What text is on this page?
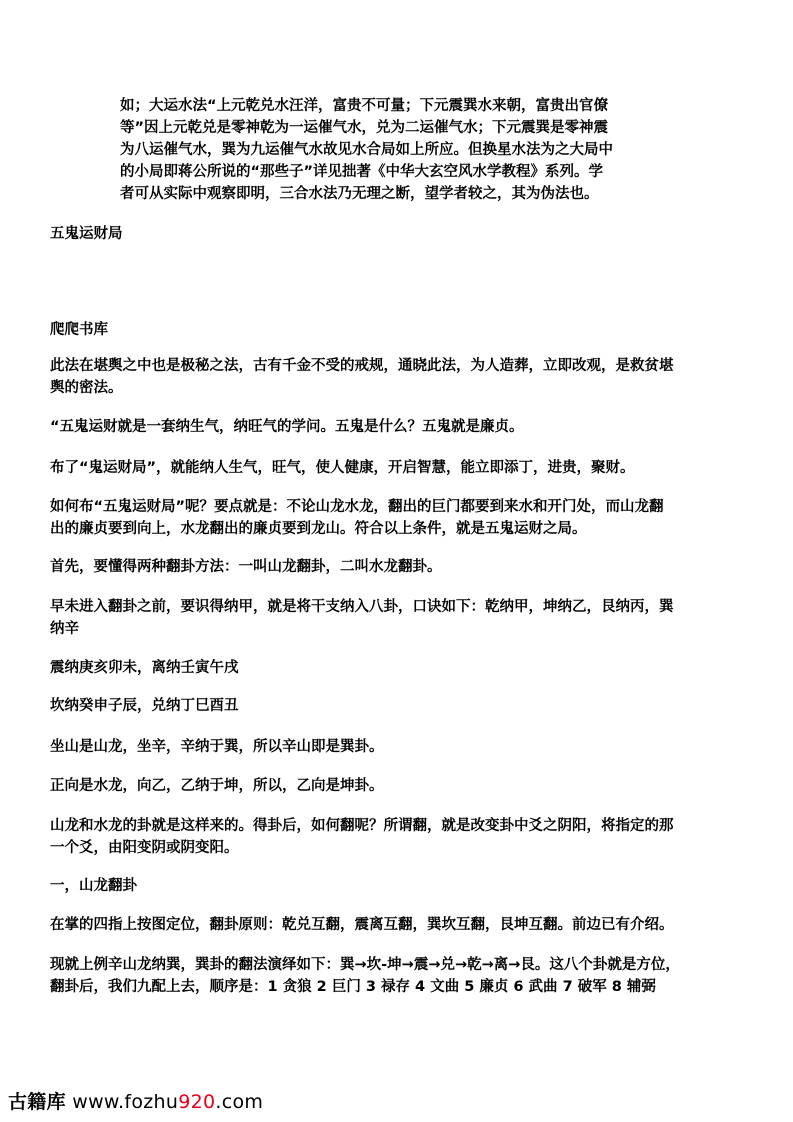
如；大运水法“上元乾兑水汪洋，富贵不可量；下元震巽水来朝，富贵出官僚
等”因上元乾兑是零神乾为一运催气水，兑为二运催气水；下元震巽是零神震
为八运催气水，巽为九运催气水故见水合局如上所应。但换星水法为之大局中
的小局即蒋公所说的“那些子”详见拙著《中华大玄空风水学教程》系列。学
者可从实际中观察即明，三合水法乃无理之断，望学者较之，其为伪法也。

五鬼运财局

爬爬书库

此法在堪舆之中也是极秘之法，古有千金不受的戒规，通晓此法，为人造葬，立即改观，是救贫堪
舆的密法。

“五鬼运财就是一套纳生气，纳旺气的学问。五鬼是什么？五鬼就是廉贞。

布了“鬼运财局”，就能纳人生气，旺气，使人健康，开启智慧，能立即添丁，进贵，聚财。

如何布“五鬼运财局”呢？要点就是：不论山龙水龙，翻出的巨门都要到来水和开门处，而山龙翻
出的廉贞要到向上，水龙翻出的廉贞要到龙山。符合以上条件，就是五鬼运财之局。

首先，要懂得两种翻卦方法：一叫山龙翻卦，二叫水龙翻卦。

早未进入翻卦之前，要识得纳甲，就是将干支纳入八卦，口诀如下：乾纳甲，坤纳乙，艮纳丙，巽
纳辛

震纳庚亥卯未，离纳壬寅午戌

坎纳癸申子辰，兑纳丁巳酉丑

坐山是山龙，坐辛，辛纳于巽，所以辛山即是巽卦。

正向是水龙，向乙，乙纳于坤，所以，乙向是坤卦。

山龙和水龙的卦就是这样来的。得卦后，如何翻呢？所谓翻，就是改变卦中爻之阴阳，将指定的那
一个爻，由阳变阴或阴变阳。

一，山龙翻卦

在掌的四指上按图定位，翻卦原则：乾兑互翻，震离互翻，巽坎互翻，艮坤互翻。前边已有介绍。

现就上例辛山龙纳巽，巽卦的翻法演绎如下：巽→坎-坤→震→兑→乾→离→艮。这八个卦就是方位，
翻卦后，我们九配上去，顺序是：1 贪狼 2 巨门 3 禄存 4 文曲 5 廉贞 6 武曲 7 破军 8 辅弼

古籍库 www.fozhu920.com
